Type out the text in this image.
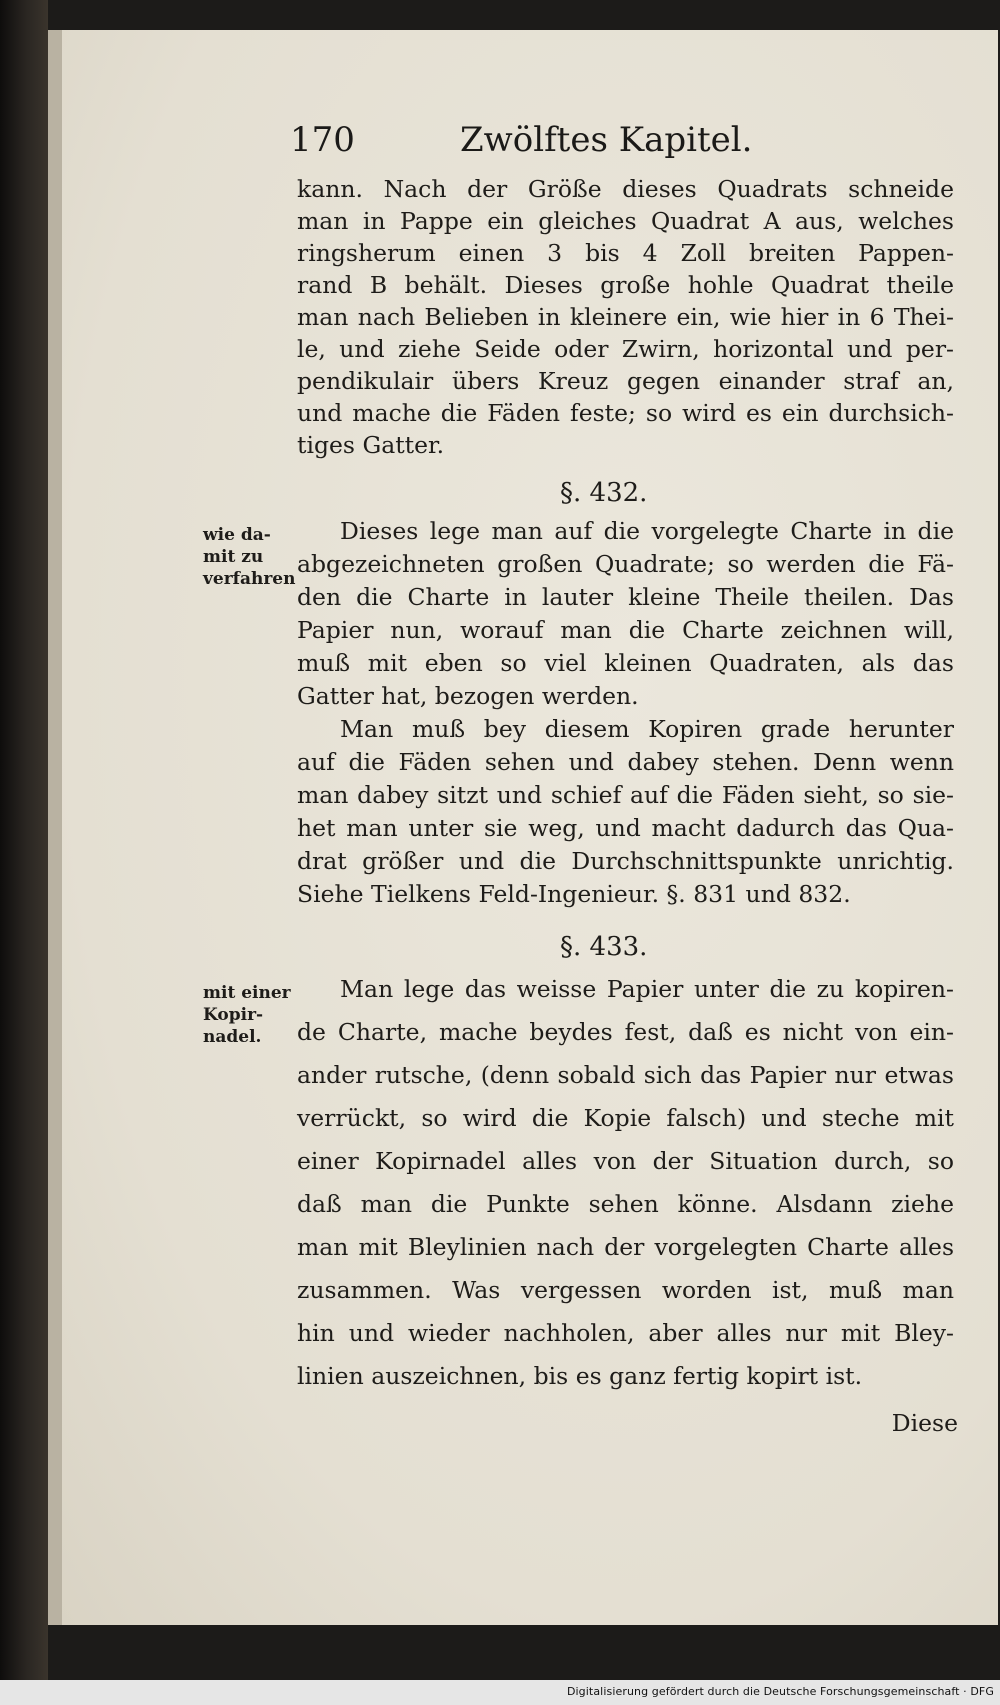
170	Zwölftes Kapitel.
kann. Nach der Größe dieses Quadrats schneide
man in Pappe ein gleiches Quadrat A aus, welches
ringsherum einen 3 bis 4 Zoll breiten Pappen-
rand B behält. Dieses große hohle Quadrat theile
man nach Belieben in kleinere ein, wie hier in 6 Thei-
le, und ziehe Seide oder Zwirn, horizontal und per-
pendikulair übers Kreuz gegen einander straf an,
und mache die Fäden feste; so wird es ein durchsich-
tiges Gatter.
§. 432.
wie da-
mit zu
verfahren
Dieses lege man auf die vorgelegte Charte in die
abgezeichneten großen Quadrate; so werden die Fä-
den die Charte in lauter kleine Theile theilen. Das
Papier nun, worauf man die Charte zeichnen will,
muß mit eben so viel kleinen Quadraten, als das
Gatter hat, bezogen werden.
Man muß bey diesem Kopiren grade herunter
auf die Fäden sehen und dabey stehen. Denn wenn
man dabey sitzt und schief auf die Fäden sieht, so sie-
het man unter sie weg, und macht dadurch das Qua-
drat größer und die Durchschnittspunkte unrichtig.
Siehe Tielkens Feld-Ingenieur. §. 831 und 832.
§. 433.
mit einer
Kopir-
nadel.
Man lege das weisse Papier unter die zu kopiren-
de Charte, mache beydes fest, daß es nicht von ein-
ander rutsche, (denn sobald sich das Papier nur etwas
verrückt, so wird die Kopie falsch) und steche mit
einer Kopirnadel alles von der Situation durch, so
daß man die Punkte sehen könne. Alsdann ziehe
man mit Bleylinien nach der vorgelegten Charte alles
zusammen. Was vergessen worden ist, muß man
hin und wieder nachholen, aber alles nur mit Bley-
linien auszeichnen, bis es ganz fertig kopirt ist.
Diese
Digitalisierung gefördert durch die Deutsche Forschungsgemeinschaft · DFG
